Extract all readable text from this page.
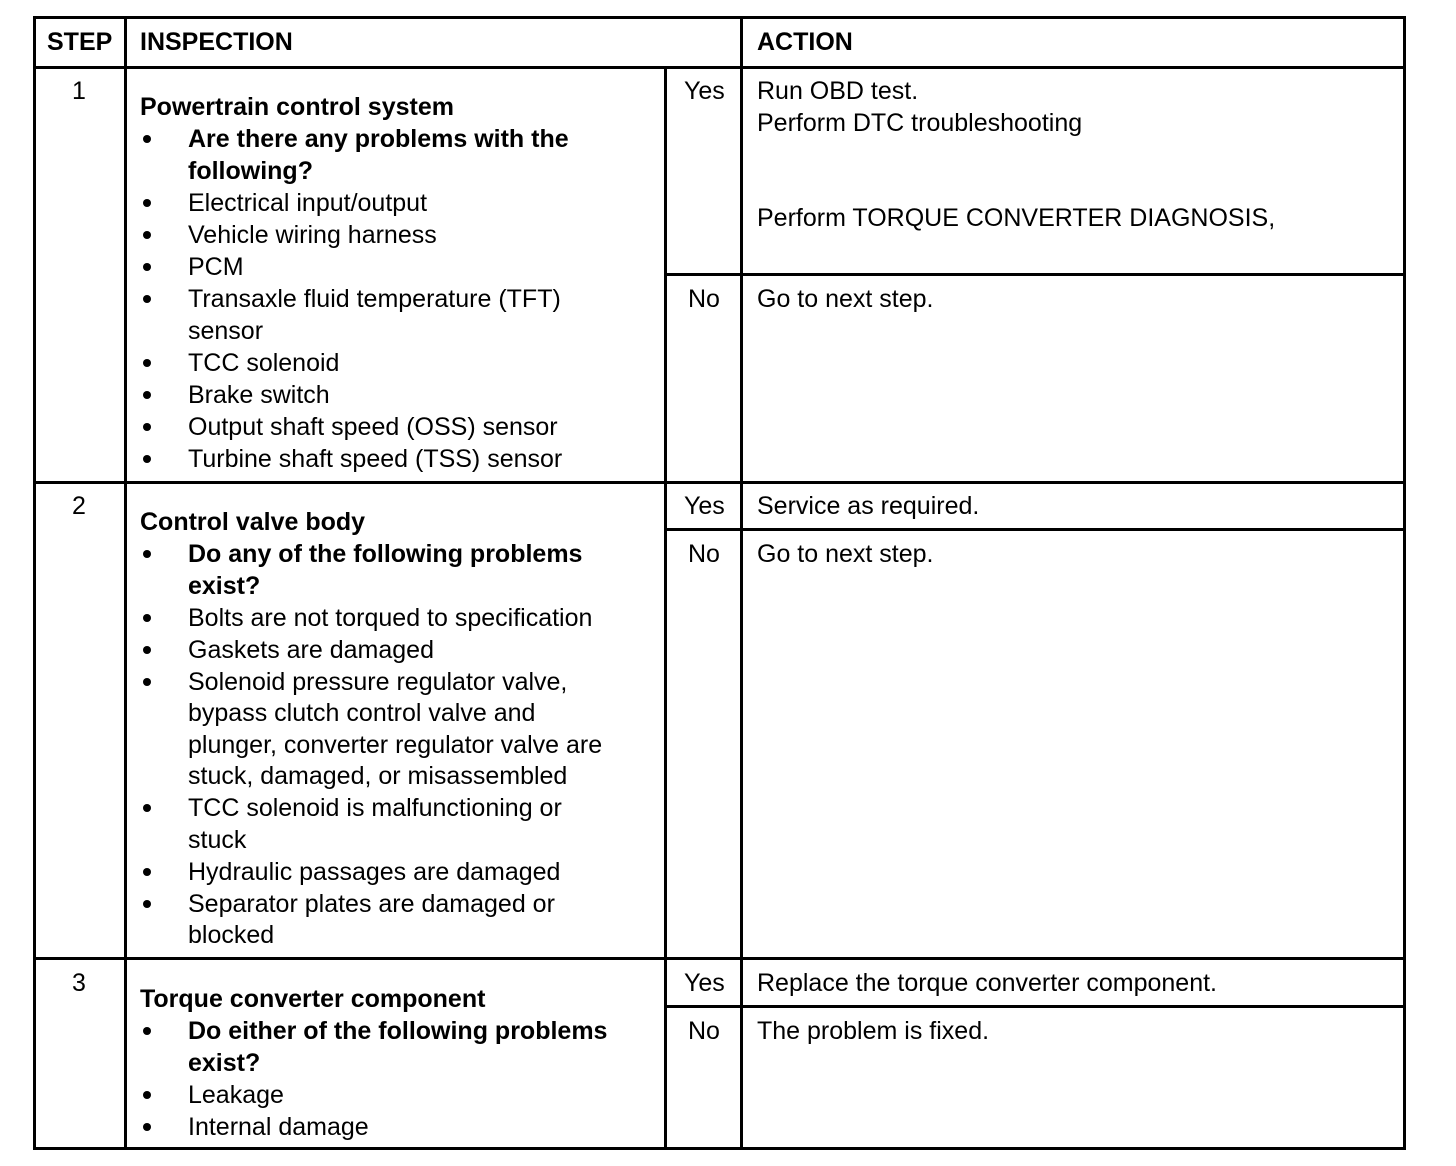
STEP INSPECTION	ACTION
1
Powertrain control system
Are there any problems with the
following?
Electrical input/output
Vehicle wiring harness
PCM
Transaxle fluid temperature (TFT)
sensor
TCC solenoid
Brake switch
Output shaft speed (OSS) sensor
Turbine shaft speed (TSS) sensor
Yes Run OBD test.
Perform DTC troubleshooting
Perform TORQUE CONVERTER DIAGNOSIS,
No Go to next step.
2
Control valve body
Do any of the following problems
exist?
Bolts are not torqued to specification
Gaskets are damaged
Solenoid pressure regulator valve,
bypass clutch control valve and
plunger, converter regulator valve are
stuck, damaged, or misassembled
TCC solenoid is malfunctioning or
stuck
Hydraulic passages are damaged
Separator plates are damaged or
blocked
Yes Service as required.
No Go to next step.
3
Torque converter component
Do either of the following problems
exist?
Leakage
Internal damage
Yes Replace the torque converter component.
No The problem is fixed.
